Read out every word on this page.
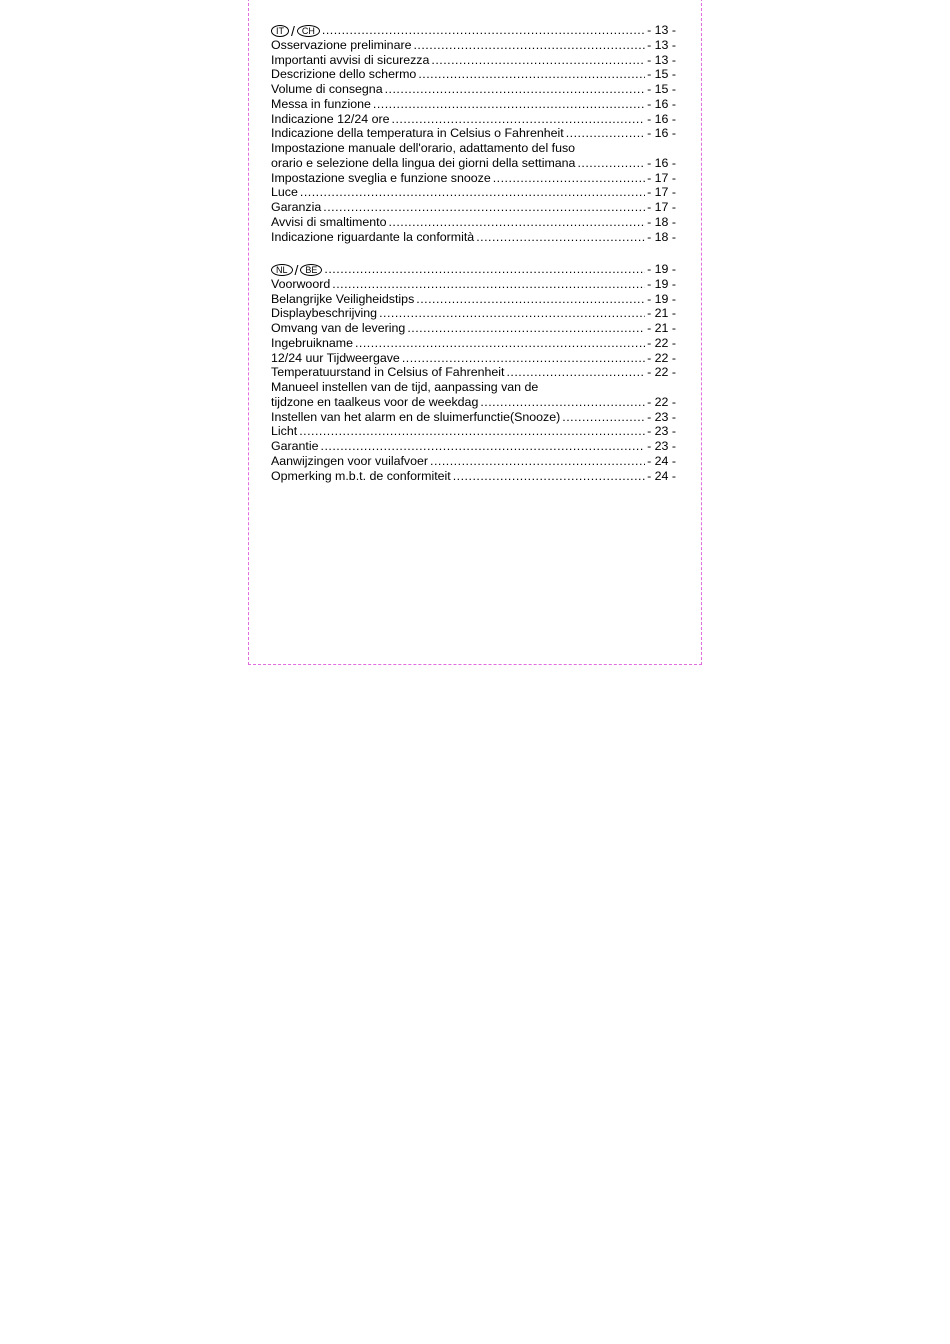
IT / CH .....	- 13 -
Osservazione preliminare .....	- 13 -
Importanti avvisi di sicurezza .....	- 13 -
Descrizione dello schermo .....	- 15 -
Volume di consegna .....	- 15 -
Messa in funzione .....	- 16 -
Indicazione 12/24 ore .....	- 16 -
Indicazione della temperatura in Celsius o Fahrenheit .....	- 16 -
Impostazione manuale dell'orario, adattamento del fuso
orario e selezione della lingua dei giorni della settimana .....	- 16 -
Impostazione sveglia e funzione snooze .....	- 17 -
Luce .....	- 17 -
Garanzia .....	- 17 -
Avvisi di smaltimento .....	- 18 -
Indicazione riguardante la conformità .....	- 18 -
NL / BE .....	- 19 -
Voorwoord .....	- 19 -
Belangrijke Veiligheidstips .....	- 19 -
Displaybeschrijving .....	- 21 -
Omvang van de levering .....	- 21 -
Ingebruikname .....	- 22 -
12/24 uur Tijdweergave .....	- 22 -
Temperatuurstand in Celsius of Fahrenheit .....	- 22 -
Manueel instellen van de tijd, aanpassing van de
tijdzone en taalkeus voor de weekdag .....	- 22 -
Instellen van het alarm en de sluimerfunctie(Snooze) .....	- 23 -
Licht .....	- 23 -
Garantie .....	- 23 -
Aanwijzingen voor vuilafvoer .....	- 24 -
Opmerking m.b.t. de conformiteit .....	- 24 -
